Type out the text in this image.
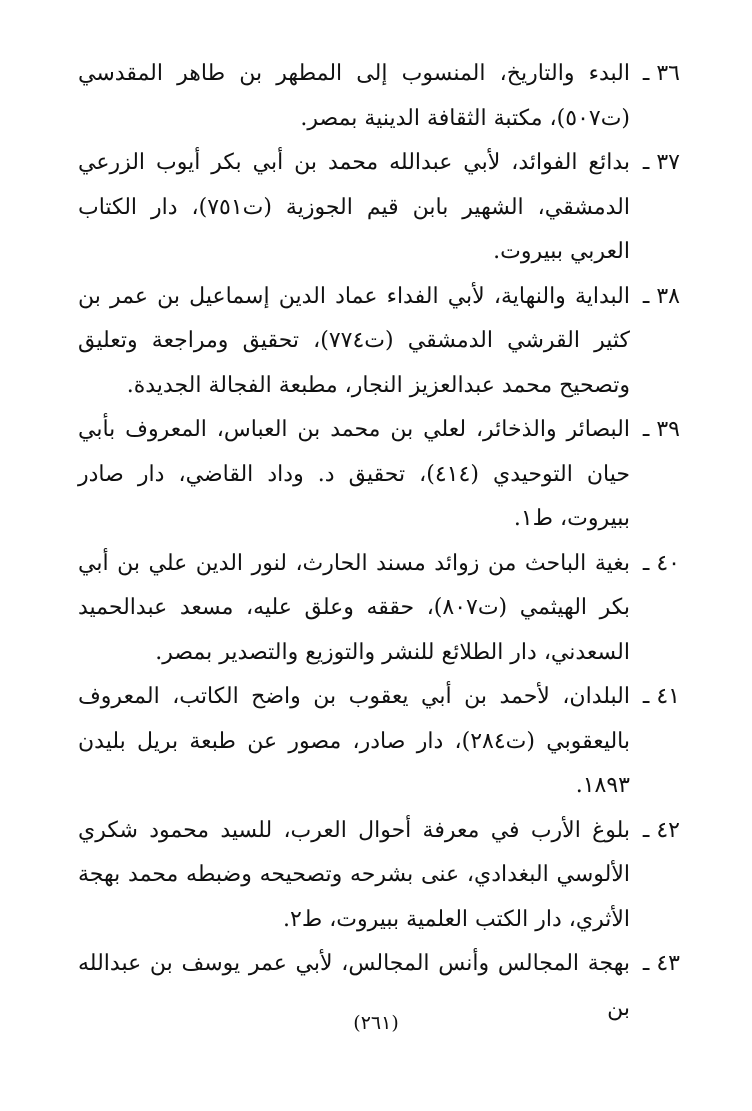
٣٦ ـ
البدء والتاريخ، المنسوب إلى المطهر بن طاهر المقدسي (ت٥٠٧)، مكتبة الثقافة الدينية بمصر.
٣٧ ـ
بدائع الفوائد، لأبي عبدالله محمد بن أبي بكر أيوب الزرعي الدمشقي، الشهير بابن قيم الجوزية (ت٧٥١)، دار الكتاب العربي ببيروت.
٣٨ ـ
البداية والنهاية، لأبي الفداء عماد الدين إسماعيل بن عمر بن كثير القرشي الدمشقي (ت٧٧٤)، تحقيق ومراجعة وتعليق وتصحيح محمد عبدالعزيز النجار، مطبعة الفجالة الجديدة.
٣٩ ـ
البصائر والذخائر، لعلي بن محمد بن العباس، المعروف بأبي حيان التوحيدي (٤١٤)، تحقيق د. وداد القاضي، دار صادر ببيروت، ط١.
٤٠ ـ
بغية الباحث من زوائد مسند الحارث، لنور الدين علي بن أبي بكر الهيثمي (ت٨٠٧)، حققه وعلق عليه، مسعد عبدالحميد السعدني، دار الطلائع للنشر والتوزيع والتصدير بمصر.
٤١ ـ
البلدان، لأحمد بن أبي يعقوب بن واضح الكاتب، المعروف باليعقوبي (ت٢٨٤)، دار صادر، مصور عن طبعة بريل بليدن ١٨٩٣.
٤٢ ـ
بلوغ الأرب في معرفة أحوال العرب، للسيد محمود شكري الألوسي البغدادي، عنى بشرحه وتصحيحه وضبطه محمد بهجة الأثري، دار الكتب العلمية ببيروت، ط٢.
٤٣ ـ
بهجة المجالس وأنس المجالس، لأبي عمر يوسف بن عبدالله بن
(٢٦١)
